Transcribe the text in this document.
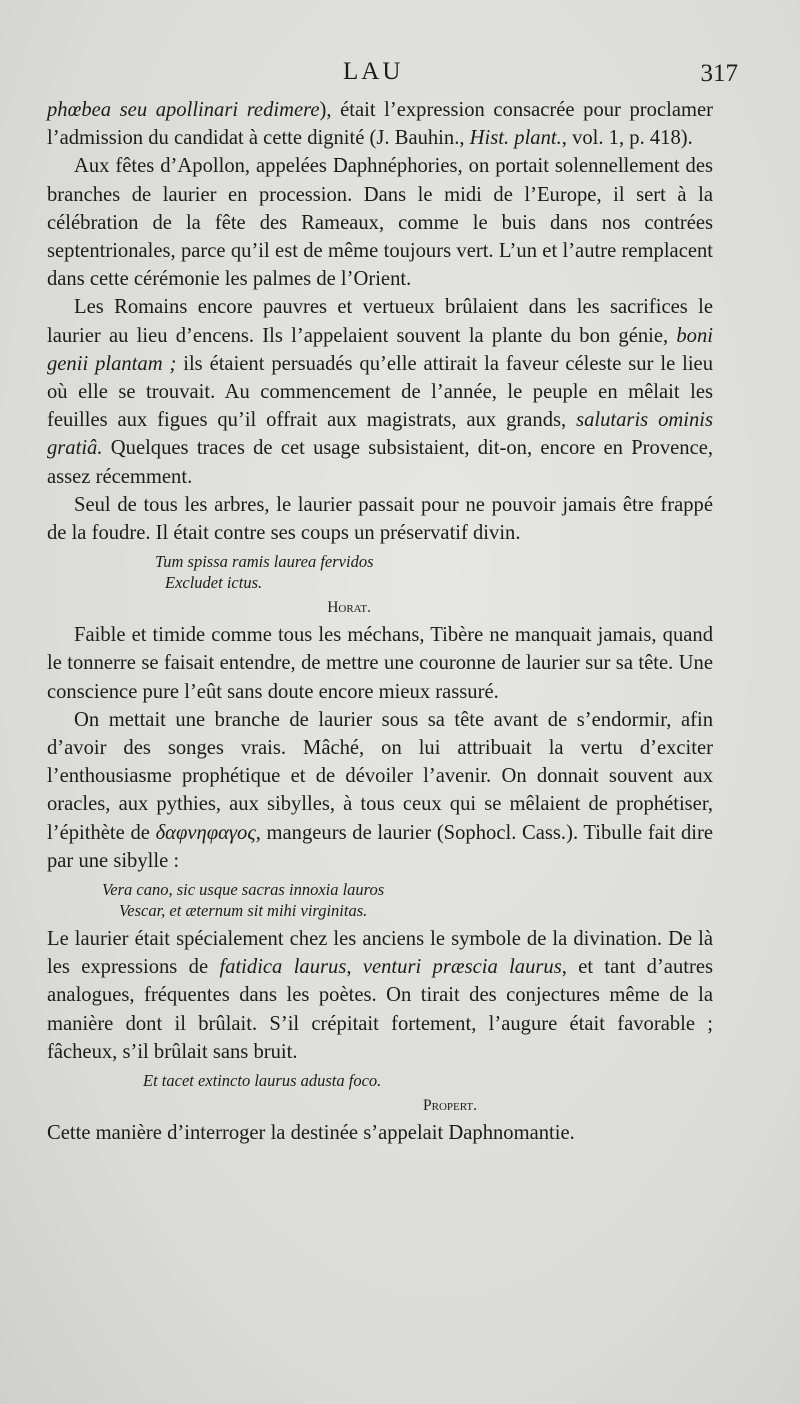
LAU	317

phœbea seu apollinari redimere), était l’expression consacrée pour proclamer l’admission du candidat à cette dignité (J. Bauhin., Hist. plant., vol. 1, p. 418).

Aux fêtes d’Apollon, appelées Daphnéphories, on portait solennellement des branches de laurier en procession. Dans le midi de l’Europe, il sert à la célébration de la fête des Rameaux, comme le buis dans nos contrées septentrionales, parce qu’il est de même toujours vert. L’un et l’autre remplacent dans cette cérémonie les palmes de l’Orient.

Les Romains encore pauvres et vertueux brûlaient dans les sacrifices le laurier au lieu d’encens. Ils l’appelaient souvent la plante du bon génie, boni genii plantam ; ils étaient persuadés qu’elle attirait la faveur céleste sur le lieu où elle se trouvait. Au commencement de l’année, le peuple en mêlait les feuilles aux figues qu’il offrait aux magistrats, aux grands, salutaris ominis gratiâ. Quelques traces de cet usage subsistaient, dit-on, encore en Provence, assez récemment.

Seul de tous les arbres, le laurier passait pour ne pouvoir jamais être frappé de la foudre. Il était contre ses coups un préservatif divin.

Tum spissa ramis laurea fervidos
Excludet ictus.
Horat.

Faible et timide comme tous les méchans, Tibère ne manquait jamais, quand le tonnerre se faisait entendre, de mettre une couronne de laurier sur sa tête. Une conscience pure l’eût sans doute encore mieux rassuré.

On mettait une branche de laurier sous sa tête avant de s’endormir, afin d’avoir des songes vrais. Mâché, on lui attribuait la vertu d’exciter l’enthousiasme prophétique et de dévoiler l’avenir. On donnait souvent aux oracles, aux pythies, aux sibylles, à tous ceux qui se mêlaient de prophétiser, l’épithète de δαφνηφαγος, mangeurs de laurier (Sophocl. Cass.). Tibulle fait dire par une sibylle :

Vera cano, sic usque sacras innoxia lauros
Vescar, et æternum sit mihi virginitas.

Le laurier était spécialement chez les anciens le symbole de la divination. De là les expressions de fatidica laurus, venturi præscia laurus, et tant d’autres analogues, fréquentes dans les poètes. On tirait des conjectures même de la manière dont il brûlait. S’il crépitait fortement, l’augure était favorable ; fâcheux, s’il brûlait sans bruit.

Et tacet extincto laurus adusta foco.
Propert.

Cette manière d’interroger la destinée s’appelait Daphnomantie.
